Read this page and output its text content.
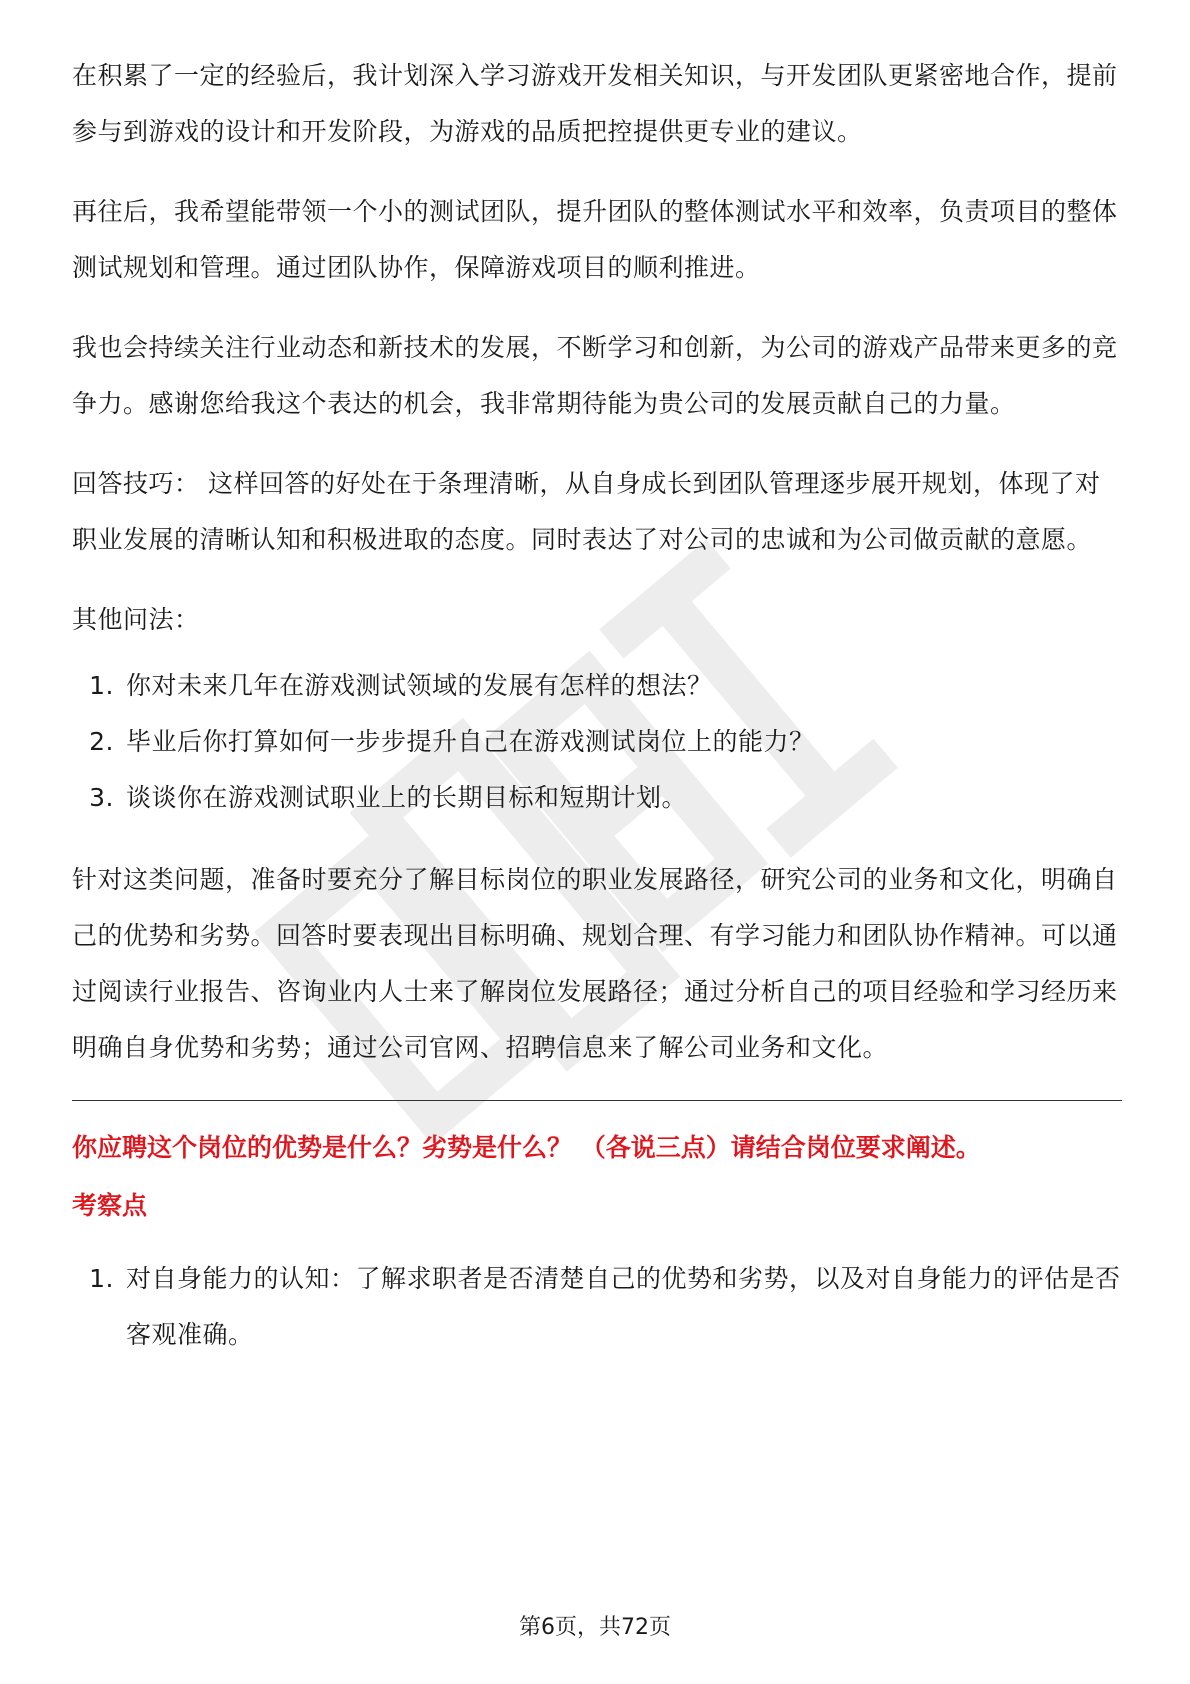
在积累了一定的经验后，我计划深入学习游戏开发相关知识，与开发团队更紧密地合作，提前参与到游戏的设计和开发阶段，为游戏的品质把控提供更专业的建议。

再往后，我希望能带领一个小的测试团队，提升团队的整体测试水平和效率，负责项目的整体测试规划和管理。通过团队协作，保障游戏项目的顺利推进。

我也会持续关注行业动态和新技术的发展，不断学习和创新，为公司的游戏产品带来更多的竞争力。感谢您给我这个表达的机会，我非常期待能为贵公司的发展贡献自己的力量。

回答技巧： 这样回答的好处在于条理清晰，从自身成长到团队管理逐步展开规划，体现了对职业发展的清晰认知和积极进取的态度。同时表达了对公司的忠诚和为公司做贡献的意愿。

其他问法：

1. 你对未来几年在游戏测试领域的发展有怎样的想法？
2. 毕业后你打算如何一步步提升自己在游戏测试岗位上的能力？
3. 谈谈你在游戏测试职业上的长期目标和短期计划。

针对这类问题，准备时要充分了解目标岗位的职业发展路径，研究公司的业务和文化，明确自己的优势和劣势。回答时要表现出目标明确、规划合理、有学习能力和团队协作精神。可以通过阅读行业报告、咨询业内人士来了解岗位发展路径；通过分析自己的项目经验和学习经历来明确自身优势和劣势；通过公司官网、招聘信息来了解公司业务和文化。

你应聘这个岗位的优势是什么？劣势是什么？ （各说三点）请结合岗位要求阐述。

考察点

1. 对自身能力的认知：了解求职者是否清楚自己的优势和劣势，以及对自身能力的评估是否客观准确。
第6页，共72页
